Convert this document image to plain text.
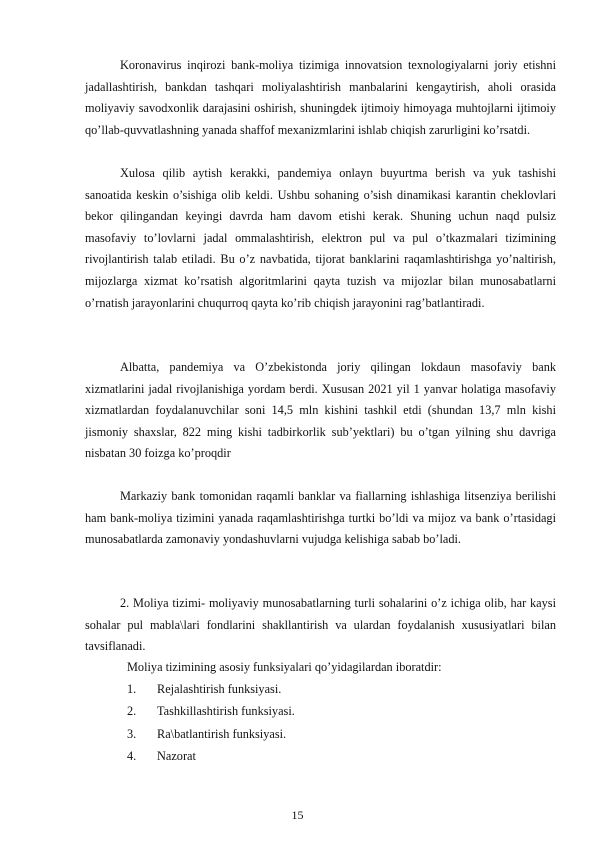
Koronavirus inqirozi bank-moliya tizimiga innovatsion texnologiyalarni joriy etishni jadallashtirish, bankdan tashqari moliyalashtirish manbalarini kengaytirish, aholi orasida moliyaviy savodxonlik darajasini oshirish, shuningdek ijtimoiy himoyaga muhtojlarni ijtimoiy qo’llab-quvvatlashning yanada shaffof mexanizmlarini ishlab chiqish zarurligini ko’rsatdi.

Xulosa qilib aytish kerakki, pandemiya onlayn buyurtma berish va yuk tashishi sanoatida keskin o’sishiga olib keldi. Ushbu sohaning o’sish dinamikasi karantin cheklovlari bekor qilingandan keyingi davrda ham davom etishi kerak. Shuning uchun naqd pulsiz masofaviy to’lovlarni jadal ommalashtirish, elektron pul va pul o’tkazmalari tizimining rivojlantirish talab etiladi. Bu o’z navbatida, tijorat banklarini raqamlashtirishga yo’naltirish, mijozlarga xizmat ko’rsatish algoritmlarini qayta tuzish va mijozlar bilan munosabatlarni o’rnatish jarayonlarini chuqurroq qayta ko’rib chiqish jarayonini rag’batlantiradi.

Albatta, pandemiya va O’zbekistonda joriy qilingan lokdaun masofaviy bank xizmatlarini jadal rivojlanishiga yordam berdi. Xususan 2021 yil 1 yanvar holatiga masofaviy xizmatlardan foydalanuvchilar soni 14,5 mln kishini tashkil etdi (shundan 13,7 mln kishi jismoniy shaxslar, 822 ming kishi tadbirkorlik sub’yektlari) bu o’tgan yilning shu davriga nisbatan 30 foizga ko’proqdir

Markaziy bank tomonidan raqamli banklar va fiallarning ishlashiga litsenziya berilishi ham bank-moliya tizimini yanada raqamlashtirishga turtki bo’ldi va mijoz va bank o’rtasidagi munosabatlarda zamonaviy yondashuvlarni vujudga kelishiga sabab bo’ladi.

2. Moliya tizimi- moliyaviy munosabatlarning turli sohalarini o’z ichiga olib, har kaysi sohalar pul mabla\lari fondlarini shakllantirish va ulardan foydalanish xususiyatlari bilan tavsiflanadi.

Moliya tizimining asosiy funksiyalari qo’yidagilardan iboratdir:

1.	Rejalashtirish funksiyasi.
2.	Tashkillashtirish funksiyasi.
3.	Ra\batlantirish funksiyasi.
4.	Nazorat
15
